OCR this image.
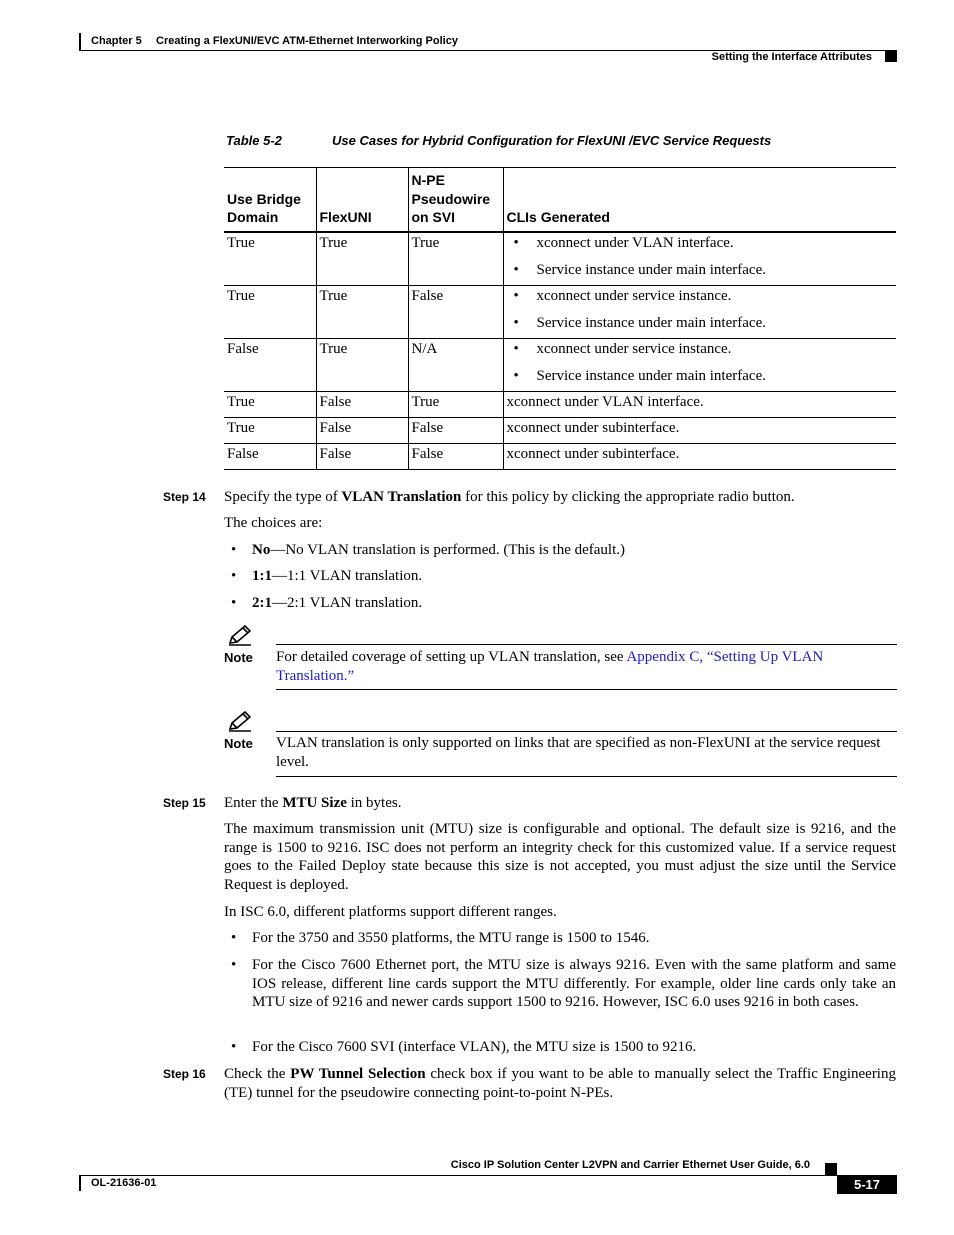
Chapter 5 Creating a FlexUNI/EVC ATM-Ethernet Interworking Policy
Setting the Interface Attributes
Table 5-2	Use Cases for Hybrid Configuration for FlexUNI /EVC Service Requests
Use Bridge Domain	FlexUNI	N-PE Pseudowire on SVI	CLIs Generated
True	True	True	• xconnect under VLAN interface.
• Service instance under main interface.

True	True	False	• xconnect under service instance.
• Service instance under main interface.

False	True	N/A	• xconnect under service instance.
• Service instance under main interface.

True	False	True	xconnect under VLAN interface.
True	False	False	xconnect under subinterface.
False	False	False	xconnect under subinterface.
Step 14 Specify the type of VLAN Translation for this policy by clicking the appropriate radio button.
The choices are:
• No—No VLAN translation is performed. (This is the default.)
• 1:1—1:1 VLAN translation.
• 2:1—2:1 VLAN translation.
Note For detailed coverage of setting up VLAN translation, see Appendix C, “Setting Up VLAN Translation.”
Note VLAN translation is only supported on links that are specified as non-FlexUNI at the service request level.
Step 15 Enter the MTU Size in bytes.
The maximum transmission unit (MTU) size is configurable and optional. The default size is 9216, and the range is 1500 to 9216. ISC does not perform an integrity check for this customized value. If a service request goes to the Failed Deploy state because this size is not accepted, you must adjust the size until the Service Request is deployed.
In ISC 6.0, different platforms support different ranges.
• For the 3750 and 3550 platforms, the MTU range is 1500 to 1546.
• For the Cisco 7600 Ethernet port, the MTU size is always 9216. Even with the same platform and same IOS release, different line cards support the MTU differently. For example, older line cards only take an MTU size of 9216 and newer cards support 1500 to 9216. However, ISC 6.0 uses 9216 in both cases.
• For the Cisco 7600 SVI (interface VLAN), the MTU size is 1500 to 9216.
Step 16 Check the PW Tunnel Selection check box if you want to be able to manually select the Traffic Engineering (TE) tunnel for the pseudowire connecting point-to-point N-PEs.
Cisco IP Solution Center L2VPN and Carrier Ethernet User Guide, 6.0
OL-21636-01	5-17
